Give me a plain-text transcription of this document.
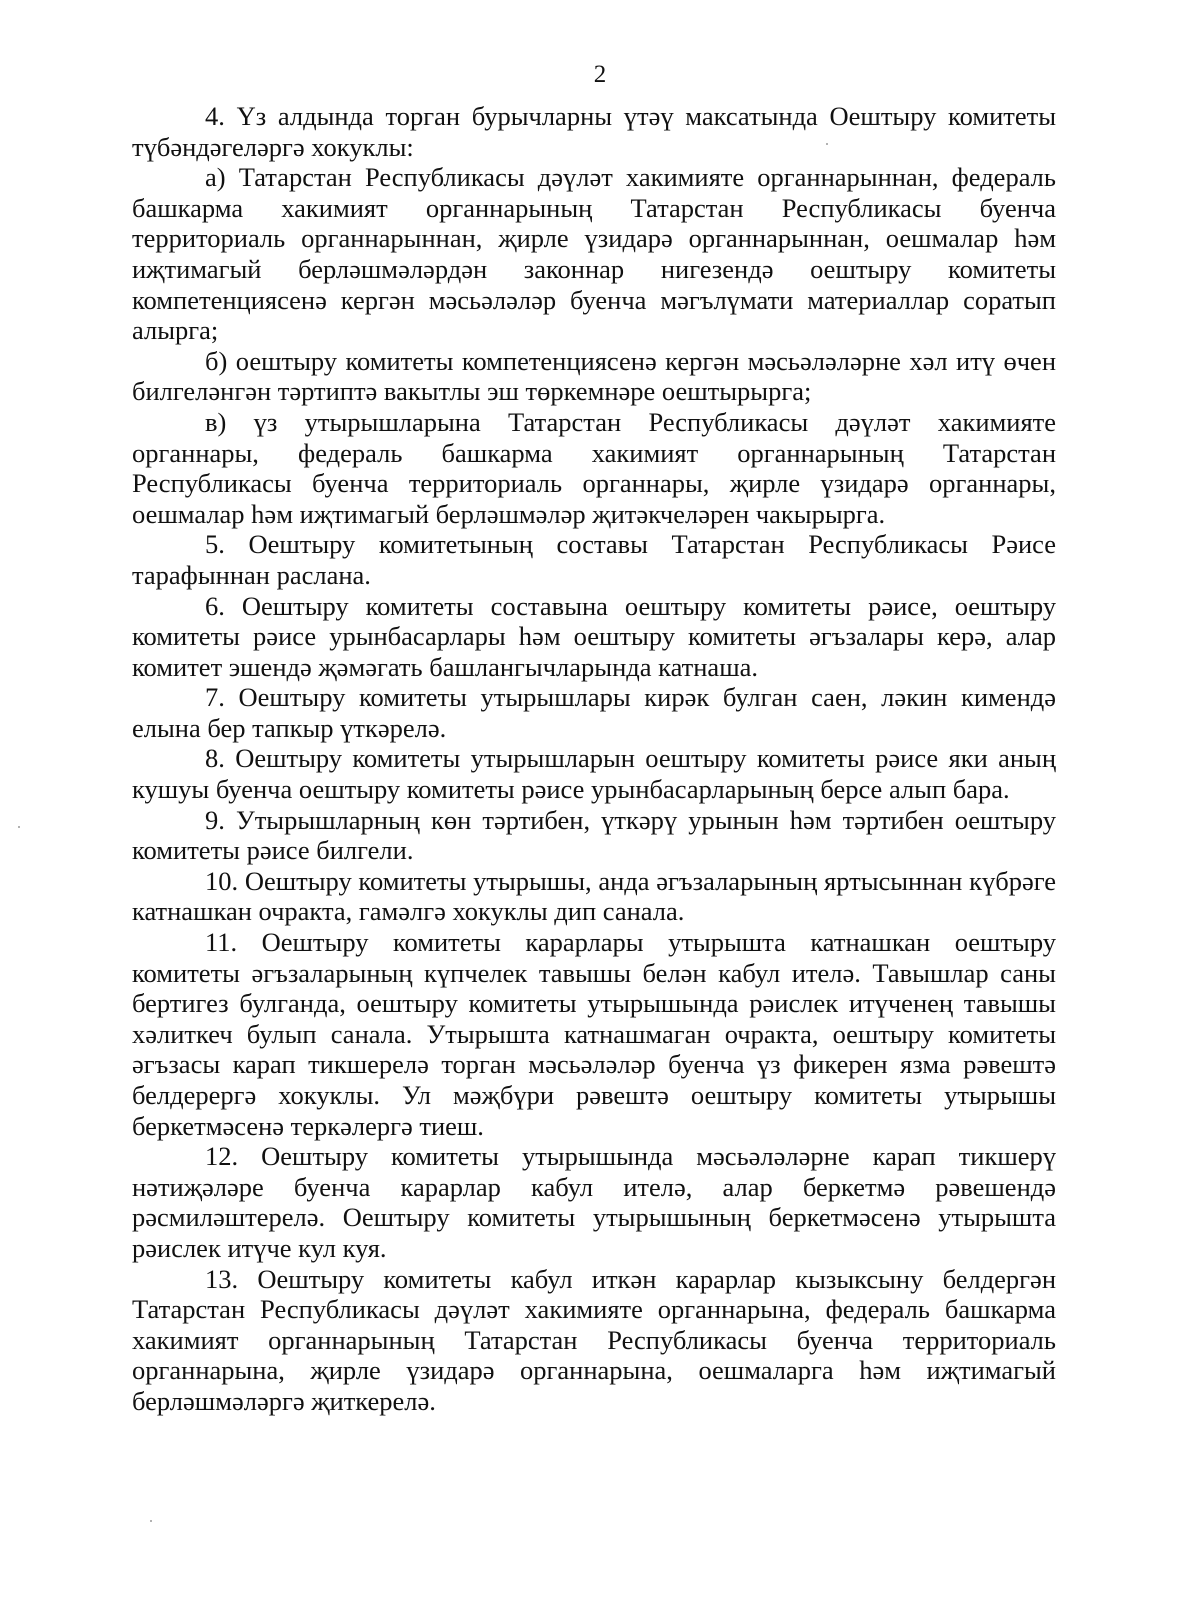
2

4. Үз алдында торган бурычларны үтәү максатында Оештыру комитеты түбәндәгеләргә хокуклы:

а) Татарстан Республикасы дәүләт хакимияте органнарыннан, федераль башкарма хакимият органнарының Татарстан Республикасы буенча территориаль органнарыннан, җирле үзидарә органнарыннан, оешмалар һәм иҗтимагый берләшмәләрдән законнар нигезендә оештыру комитеты компетенциясенә кергән мәсьәләләр буенча мәгълүмати материаллар соратып алырга;

б) оештыру комитеты компетенциясенә кергән мәсьәләләрне хәл итү өчен билгеләнгән тәртиптә вакытлы эш төркемнәре оештырырга;

в) үз утырышларына Татарстан Республикасы дәүләт хакимияте органнары, федераль башкарма хакимият органнарының Татарстан Республикасы буенча территориаль органнары, җирле үзидарә органнары, оешмалар һәм иҗтимагый берләшмәләр җитәкчеләрен чакырырга.

5. Оештыру комитетының составы Татарстан Республикасы Рәисе тарафыннан раслана.

6. Оештыру комитеты составына оештыру комитеты рәисе, оештыру комитеты рәисе урынбасарлары һәм оештыру комитеты әгъзалары керә, алар комитет эшендә җәмәгать башлангычларында катнаша.

7. Оештыру комитеты утырышлары кирәк булган саен, ләкин кимендә елына бер тапкыр үткәрелә.

8. Оештыру комитеты утырышларын оештыру комитеты рәисе яки аның кушуы буенча оештыру комитеты рәисе урынбасарларының берсе алып бара.

9. Утырышларның көн тәртибен, үткәрү урынын һәм тәртибен оештыру комитеты рәисе билгели.

10. Оештыру комитеты утырышы, анда әгъзаларының яртысыннан күбрәге катнашкан очракта, гамәлгә хокуклы дип санала.

11. Оештыру комитеты карарлары утырышта катнашкан оештыру комитеты әгъзаларының күпчелек тавышы белән кабул ителә. Тавышлар саны бертигез булганда, оештыру комитеты утырышында рәислек итүченең тавышы хәлиткеч булып санала. Утырышта катнашмаган очракта, оештыру комитеты әгъзасы карап тикшерелә торган мәсьәләләр буенча үз фикерен язма рәвештә белдерергә хокуклы. Ул мәҗбүри рәвештә оештыру комитеты утырышы беркетмәсенә теркәлергә тиеш.

12. Оештыру комитеты утырышында мәсьәләләрне карап тикшерү нәтиҗәләре буенча карарлар кабул ителә, алар беркетмә рәвешендә рәсмиләштерелә. Оештыру комитеты утырышының беркетмәсенә утырышта рәислек итүче кул куя.

13. Оештыру комитеты кабул иткән карарлар кызыксыну белдергән Татарстан Республикасы дәүләт хакимияте органнарына, федераль башкарма хакимият органнарының Татарстан Республикасы буенча территориаль органнарына, җирле үзидарә органнарына, оешмаларга һәм иҗтимагый берләшмәләргә җиткерелә.
